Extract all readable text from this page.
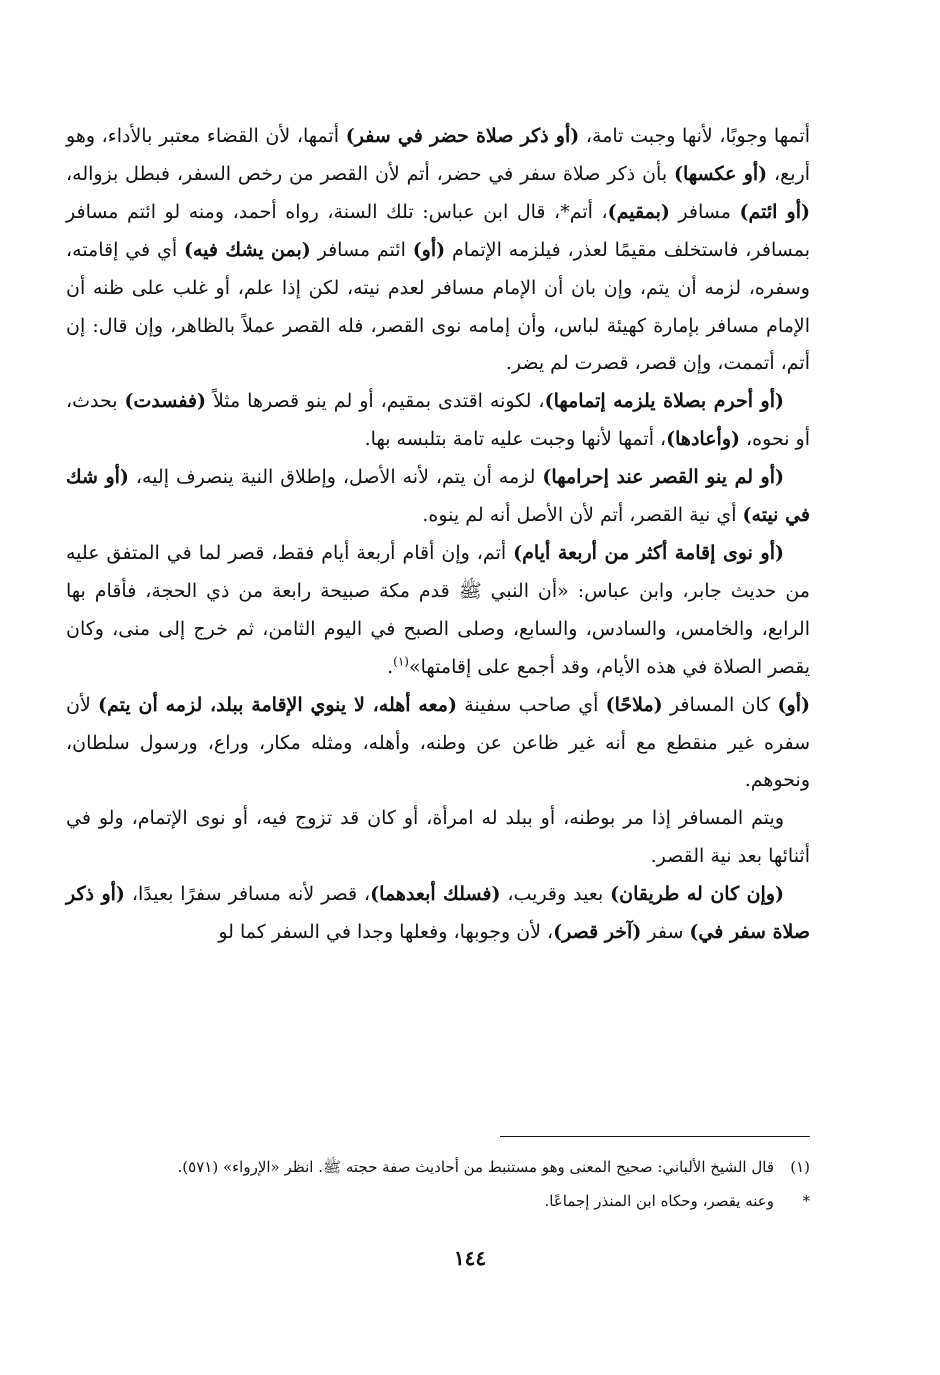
أتمها وجوبًا، لأنها وجبت تامة، (أو ذكر صلاة حضر في سفر) أتمها، لأن القضاء معتبر بالأداء، وهو أربع، (أو عكسها) بأن ذكر صلاة سفر في حضر، أتم لأن القصر من رخص السفر، فبطل بزواله، (أو ائتم) مسافر (بمقيم)، أتم*، قال ابن عباس: تلك السنة، رواه أحمد، ومنه لو ائتم مسافر بمسافر، فاستخلف مقيمًا لعذر، فيلزمه الإتمام (أو) ائتم مسافر (بمن يشك فيه) أي في إقامته، وسفره، لزمه أن يتم، وإن بان أن الإمام مسافر لعدم نيته، لكن إذا علم، أو غلب على ظنه أن الإمام مسافر بإمارة كهيئة لباس، وأن إمامه نوى القصر، فله القصر عملاً بالظاهر، وإن قال: إن أتم، أتممت، وإن قصر، قصرت لم يضر.

(أو أحرم بصلاة يلزمه إتمامها)، لكونه اقتدى بمقيم، أو لم ينو قصرها مثلاً (ففسدت) بحدث، أو نحوه، (وأعادها)، أتمها لأنها وجبت عليه تامة بتلبسه بها.

(أو لم ينو القصر عند إحرامها) لزمه أن يتم، لأنه الأصل، وإطلاق النية ينصرف إليه، (أو شك في نيته) أي نية القصر، أتم لأن الأصل أنه لم ينوه.

(أو نوى إقامة أكثر من أربعة أيام) أتم، وإن أقام أربعة أيام فقط، قصر لما في المتفق عليه من حديث جابر، وابن عباس: «أن النبي ﷺ قدم مكة صبيحة رابعة من ذي الحجة، فأقام بها الرابع، والخامس، والسادس، والسابع، وصلى الصبح في اليوم الثامن، ثم خرج إلى منى، وكان يقصر الصلاة في هذه الأيام، وقد أجمع على إقامتها»$^{(١)}$.

(أو) كان المسافر (ملاحًا) أي صاحب سفينة (معه أهله، لا ينوي الإقامة ببلد، لزمه أن يتم) لأن سفره غير منقطع مع أنه غير ظاعن عن وطنه، وأهله، ومثله مكار، وراع، ورسول سلطان، ونحوهم.

ويتم المسافر إذا مر بوطنه، أو ببلد له امرأة، أو كان قد تزوج فيه، أو نوى الإتمام، ولو في أثنائها بعد نية القصر.

(وإن كان له طريقان) بعيد وقريب، (فسلك أبعدهما)، قصر لأنه مسافر سفرًا بعيدًا، (أو ذكر صلاة سفر في) سفر (آخر قصر)، لأن وجوبها، وفعلها وجدا في السفر كما لو

(١)قال الشيخ الألباني: صحيح المعنى وهو مستنبط من أحاديث صفة حجته ﷺ. انظر «الإرواء» (٥٧١).

*وعنه يقصر، وحكاه ابن المنذر إجماعًا.

١٤٤
